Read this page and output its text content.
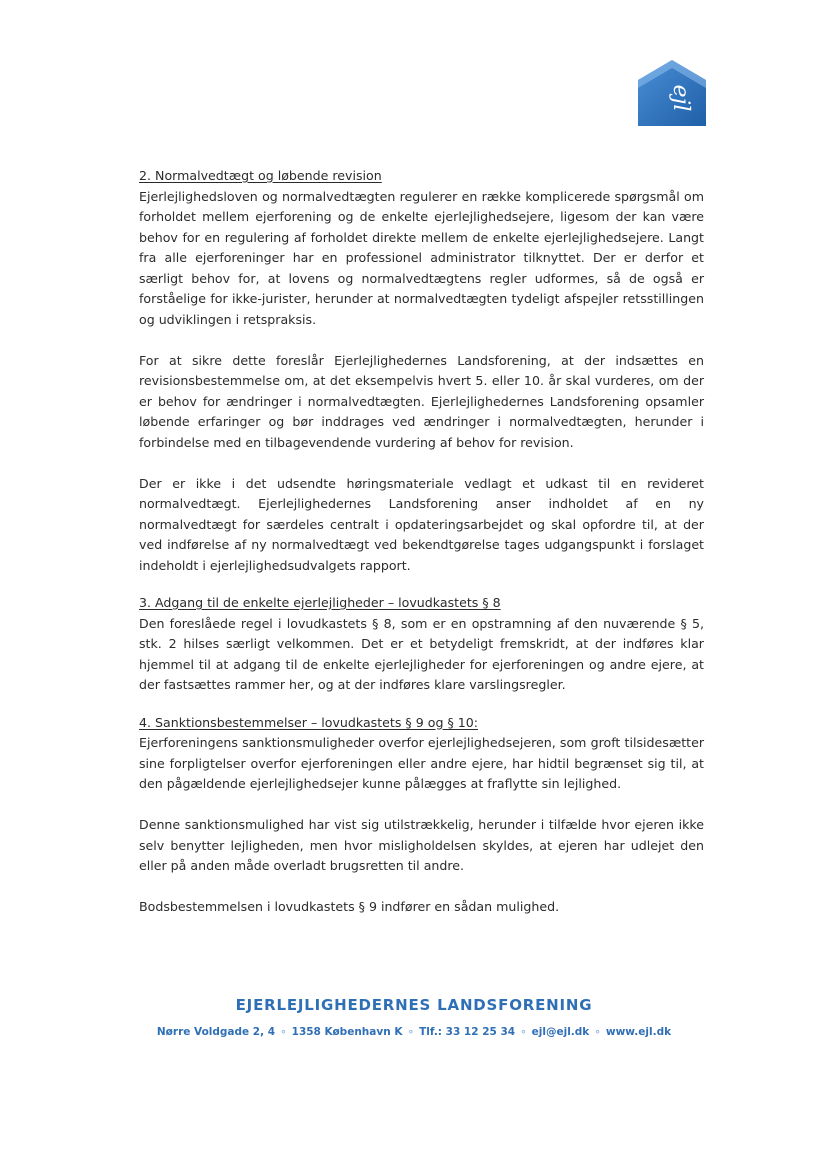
ejl
2. Normalvedtægt og løbende revision

Ejerlejlighedsloven og normalvedtægten regulerer en række komplicerede spørgsmål om forholdet mellem ejerforening og de enkelte ejerlejlighedsejere, ligesom der kan være behov for en regulering af forholdet direkte mellem de enkelte ejerlejlighedsejere. Langt fra alle ejerforeninger har en professionel administrator tilknyttet. Der er derfor et særligt behov for, at lovens og normalvedtægtens regler udformes, så de også er forståelige for ikke-jurister, herunder at normalvedtægten tydeligt afspejler retsstillingen og udviklingen i retspraksis.

For at sikre dette foreslår Ejerlejlighedernes Landsforening, at der indsættes en revisionsbestemmelse om, at det eksempelvis hvert 5. eller 10. år skal vurderes, om der er behov for ændringer i normalvedtægten. Ejerlejlighedernes Landsforening opsamler løbende erfaringer og bør inddrages ved ændringer i normalvedtægten, herunder i forbindelse med en tilbagevendende vurdering af behov for revision.

Der er ikke i det udsendte høringsmateriale vedlagt et udkast til en revideret normalvedtægt. Ejerlejlighedernes Landsforening anser indholdet af en ny normalvedtægt for særdeles centralt i opdateringsarbejdet og skal opfordre til, at der ved indførelse af ny normalvedtægt ved bekendtgørelse tages udgangspunkt i forslaget indeholdt i ejerlejlighedsudvalgets rapport.

3. Adgang til de enkelte ejerlejligheder – lovudkastets § 8

Den foreslåede regel i lovudkastets § 8, som er en opstramning af den nuværende § 5, stk. 2 hilses særligt velkommen. Det er et betydeligt fremskridt, at der indføres klar hjemmel til at adgang til de enkelte ejerlejligheder for ejerforeningen og andre ejere, at der fastsættes rammer her, og at der indføres klare varslingsregler.

4. Sanktionsbestemmelser – lovudkastets § 9 og § 10:

Ejerforeningens sanktionsmuligheder overfor ejerlejlighedsejeren, som groft tilsidesætter sine forpligtelser overfor ejerforeningen eller andre ejere, har hidtil begrænset sig til, at den pågældende ejerlejlighedsejer kunne pålægges at fraflytte sin lejlighed.

Denne sanktionsmulighed har vist sig utilstrækkelig, herunder i tilfælde hvor ejeren ikke selv benytter lejligheden, men hvor misligholdelsen skyldes, at ejeren har udlejet den eller på anden måde overladt brugsretten til andre.

Bodsbestemmelsen i lovudkastets § 9 indfører en sådan mulighed.

EJERLEJLIGHEDERNES LANDSFORENING
Nørre Voldgade 2, 4 ∘ 1358 København K ∘ Tlf.: 33 12 25 34 ∘ ejl@ejl.dk ∘ www.ejl.dk
